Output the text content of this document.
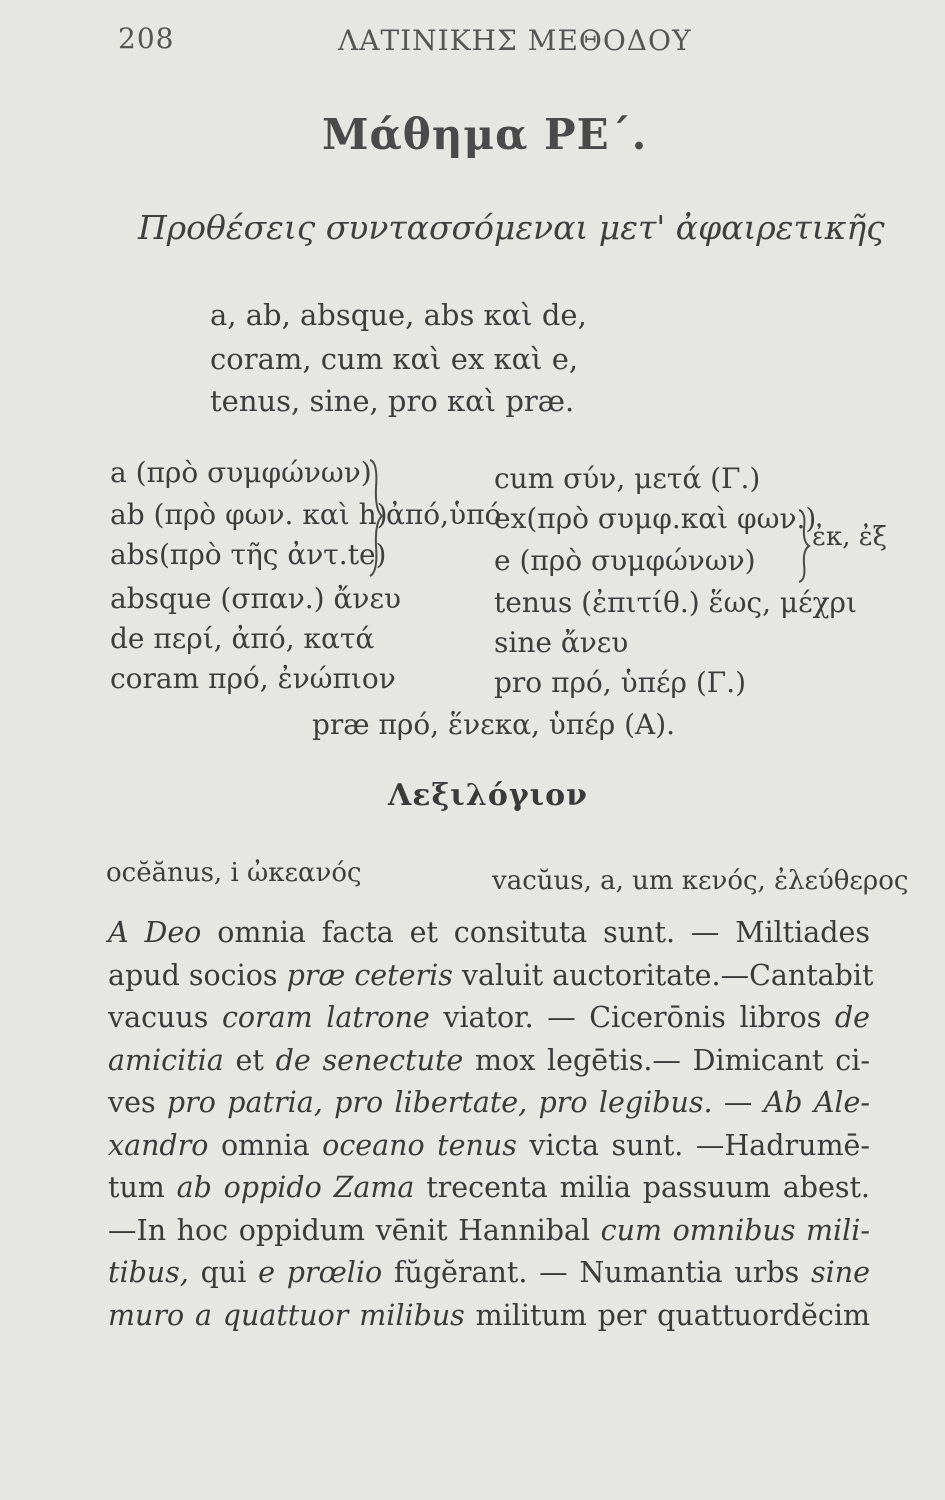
208	ΛΑΤΙΝΙΚΗΣ ΜΕΘΟΔΟΥ
Μάθημα ΡΕ΄.
Προθέσεις συντασσόμεναι μετ' ἀφαιρετικῆς
a, ab, absque, abs καὶ de,
coram, cum καὶ ex καὶ e,
tenus, sine, pro καὶ præ.
a (πρὸ συμφώνων)
ab (πρὸ φων. καὶ h)
abs(πρὸ τῆς ἀντ.te)
absque (σπαν.) ἄνευ
de περί, ἀπό, κατά
coram πρό, ἐνώπιον
ἀπό,ὑπό
cum σύν, μετά (Γ.)
ex(πρὸ συμφ.καὶ φων.)
e (πρὸ συμφώνων)
tenus (ἐπιτίθ.) ἕως, μέχρι
sine ἄνευ
pro πρό, ὑπέρ (Γ.)
ἐκ, ἐξ
præ πρό, ἕνεκα, ὑπέρ (Α).
Λεξιλόγιον
ocĕănus, i ὠκεανός	vacŭus, a, um κενός, ἐλεύθερος
A Deo omnia facta et consituta sunt. — Miltiades
apud socios præ ceteris valuit auctoritate.—Cantabit
vacuus coram latrone viator. — Cicerōnis libros de
amicitia et de senectute mox legētis.— Dimicant ci-
ves pro patria, pro libertate, pro legibus. — Ab Ale-
xandro omnia oceano tenus victa sunt. —Hadrumē-
tum ab oppido Zama trecenta milia passuum abest.
—In hoc oppidum vēnit Hannibal cum omnibus mili-
tibus, qui e prœlio fŭgĕrant. — Numantia urbs sine
muro a quattuor milibus militum per quattuordĕcim
